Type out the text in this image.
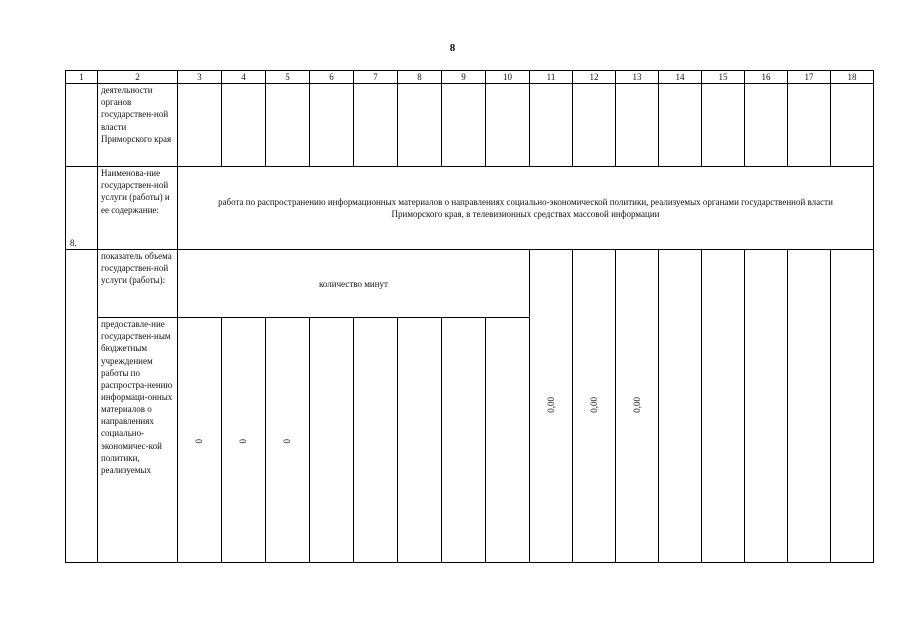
8
1	2	3	4	5	6	7	8	9	10	11	12	13	14	15	16	17	18
	деятельности органов государствен-ной власти Приморского края																
8.	Наименова-ние государствен-ной услуги (работы) и ее содержание:	работа по распространению информационных материалов о направлениях социально-экономической политики, реализуемых органами государственной власти Приморского края, в телевизионных средствах массовой информации															
	показатель объема государствен-ной услуги (работы):	количество минут								0,00	0,00	0,00					
	предоставле-ние государствен-ным бюджетным учреждением работы по распростра-нению информаци-онных материалов о направлениях социально-экономичес-кой политики, реализуемых	0	0	0													
